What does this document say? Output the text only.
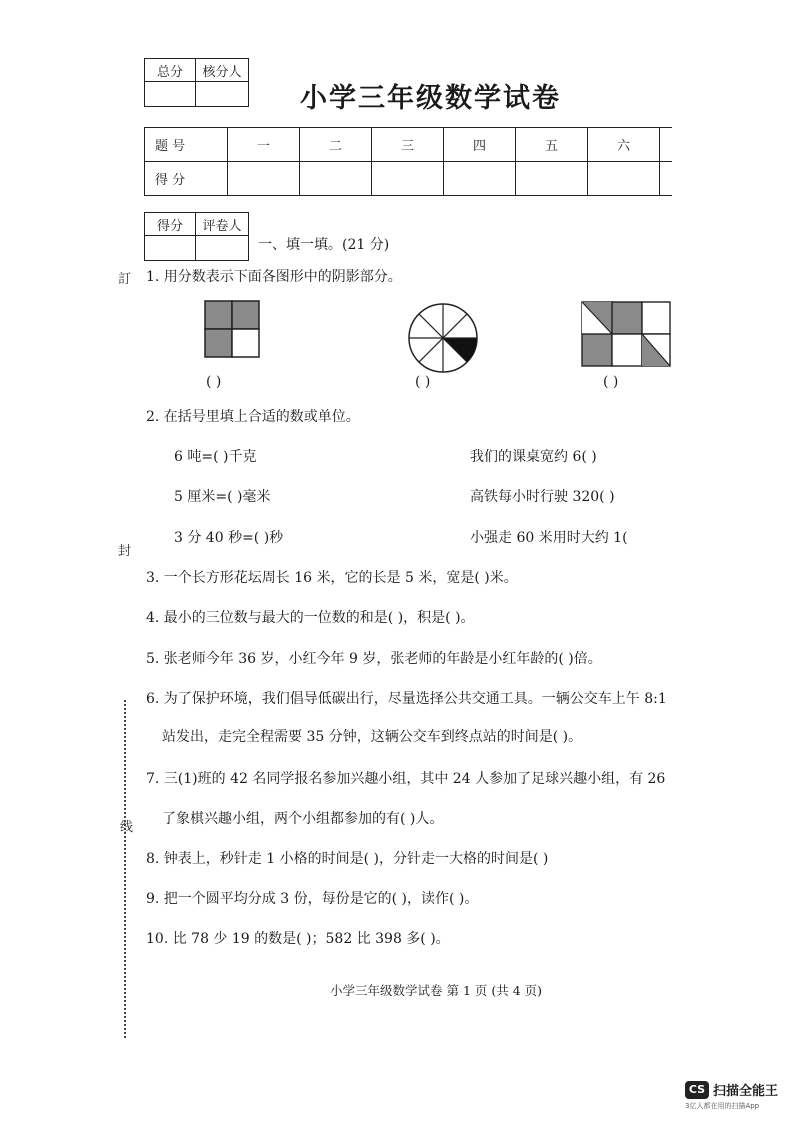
总分	核分人

小学三年级数学试卷
题 号	一	二	三	四	五	六	
得 分							
得分	评卷人

一、填一填。(21 分)
訂
封
线
1. 用分数表示下面各图形中的阴影部分。
( )	( )	( )
2. 在括号里填上合适的数或单位。
6 吨=( )千克	我们的课桌宽约 6( )
5 厘米=( )毫米	高铁每小时行驶 320( )
3 分 40 秒=( )秒	小强走 60 米用时大约 1(
3. 一个长方形花坛周长 16 米，它的长是 5 米，宽是( )米。
4. 最小的三位数与最大的一位数的和是( )，积是( )。
5. 张老师今年 36 岁，小红今年 9 岁，张老师的年龄是小红年龄的( )倍。
6. 为了保护环境，我们倡导低碳出行，尽量选择公共交通工具。一辆公交车上午 8:1
站发出，走完全程需要 35 分钟，这辆公交车到终点站的时间是( )。
7. 三(1)班的 42 名同学报名参加兴趣小组，其中 24 人参加了足球兴趣小组，有 26
了象棋兴趣小组，两个小组都参加的有( )人。
8. 钟表上，秒针走 1 小格的时间是( )，分针走一大格的时间是( )
9. 把一个圆平均分成 3 份，每份是它的( )，读作( )。
10. 比 78 少 19 的数是( )；582 比 398 多( )。
小学三年级数学试卷 第 1 页 (共 4 页)
CS 扫描全能王
3亿人都在用的扫描App
